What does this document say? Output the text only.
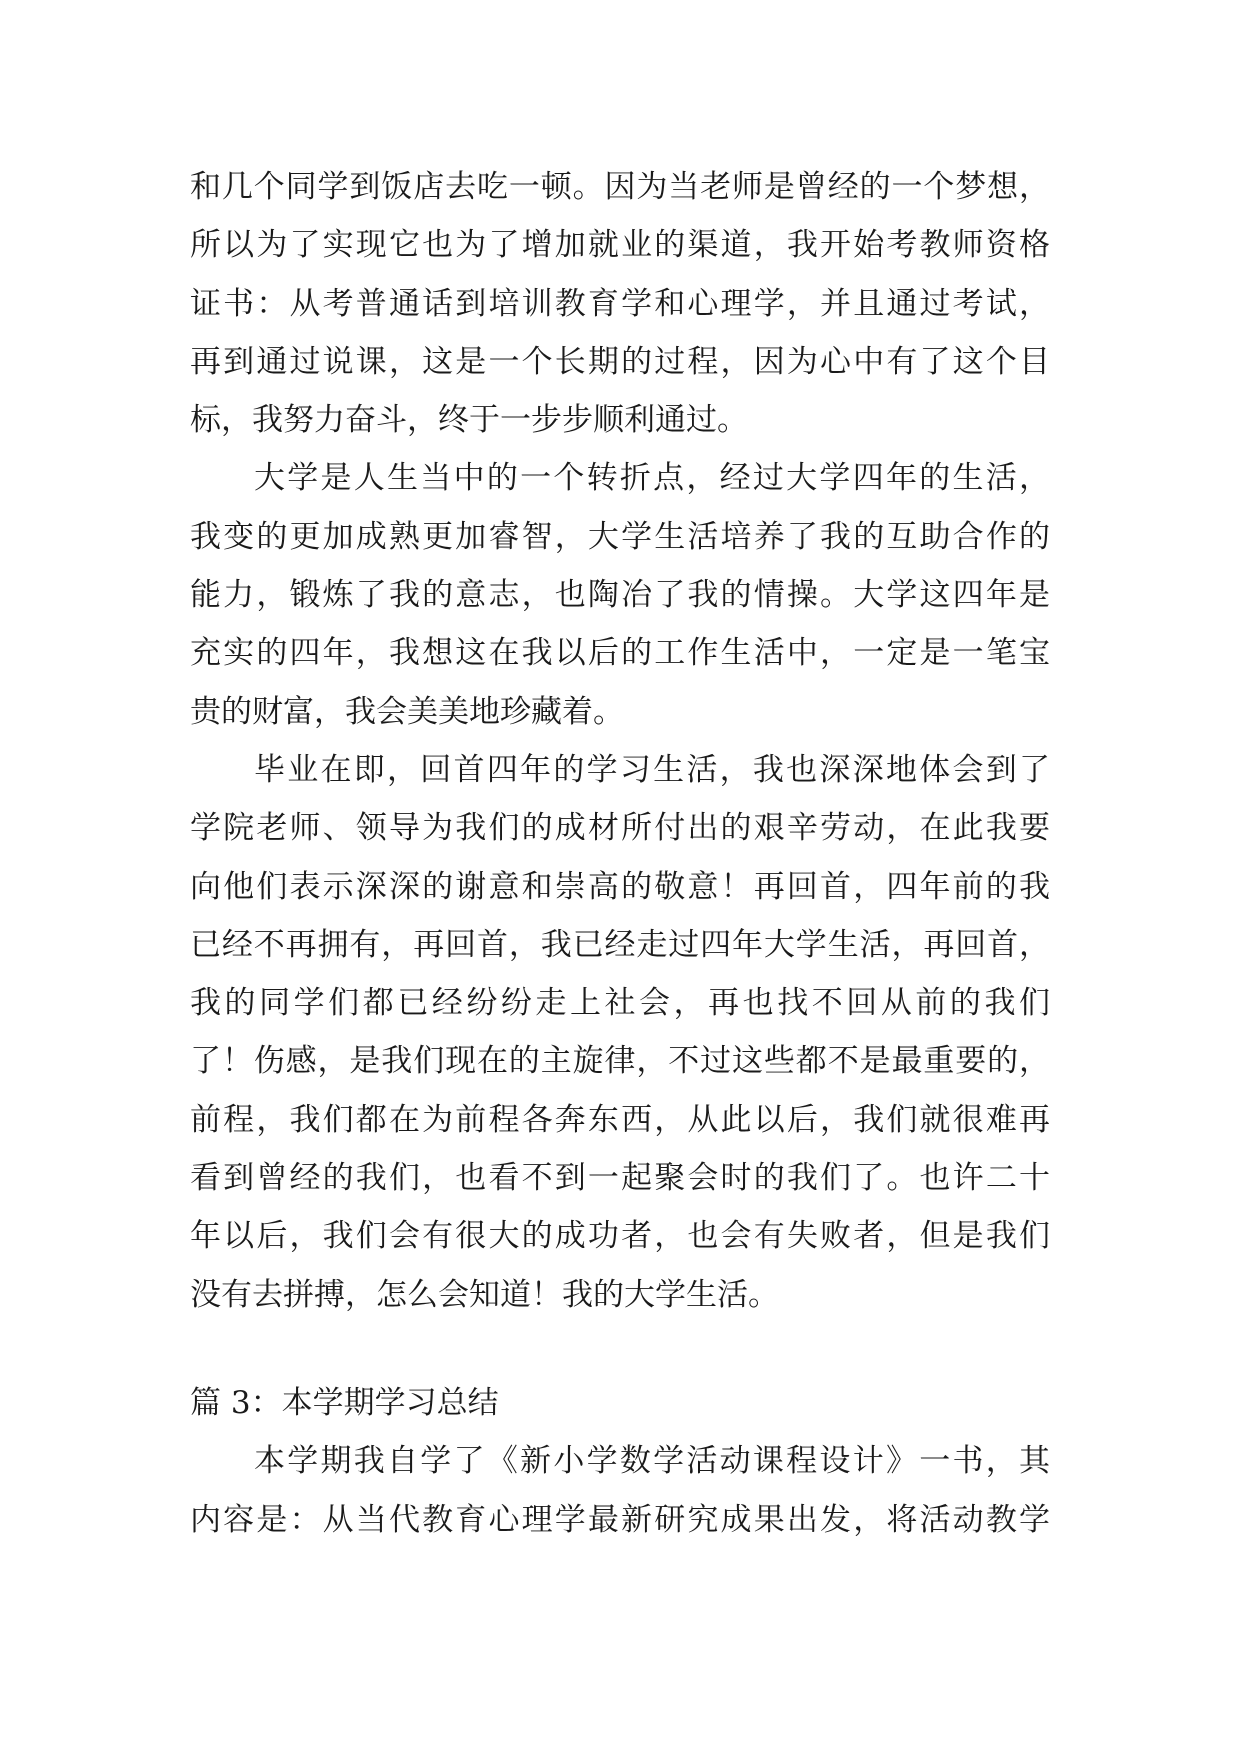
和几个同学到饭店去吃一顿。因为当老师是曾经的一个梦想，
所以为了实现它也为了增加就业的渠道，我开始考教师资格
证书：从考普通话到培训教育学和心理学，并且通过考试，
再到通过说课，这是一个长期的过程，因为心中有了这个目
标，我努力奋斗，终于一步步顺利通过。
大学是人生当中的一个转折点，经过大学四年的生活，
我变的更加成熟更加睿智，大学生活培养了我的互助合作的
能力，锻炼了我的意志，也陶冶了我的情操。大学这四年是
充实的四年，我想这在我以后的工作生活中，一定是一笔宝
贵的财富，我会美美地珍藏着。
毕业在即，回首四年的学习生活，我也深深地体会到了
学院老师、领导为我们的成材所付出的艰辛劳动，在此我要
向他们表示深深的谢意和崇高的敬意！再回首，四年前的我
已经不再拥有，再回首，我已经走过四年大学生活，再回首，
我的同学们都已经纷纷走上社会，再也找不回从前的我们
了！伤感，是我们现在的主旋律，不过这些都不是最重要的，
前程，我们都在为前程各奔东西，从此以后，我们就很难再
看到曾经的我们，也看不到一起聚会时的我们了。也许二十
年以后，我们会有很大的成功者，也会有失败者，但是我们
没有去拼搏，怎么会知道！我的大学生活。
篇 3：本学期学习总结
本学期我自学了《新小学数学活动课程设计》一书，其
内容是：从当代教育心理学最新研究成果出发，将活动教学
